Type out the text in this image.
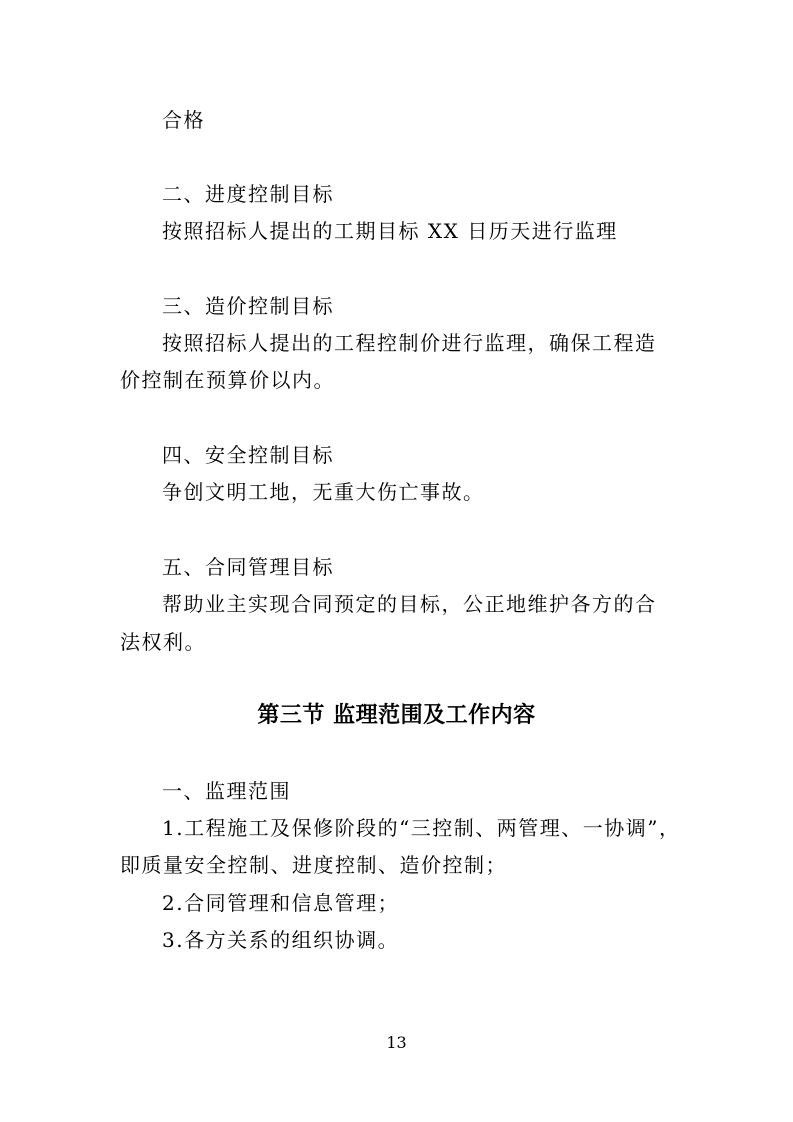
合格
二、进度控制目标
按照招标人提出的工期目标 XX 日历天进行监理
三、造价控制目标
按照招标人提出的工程控制价进行监理，确保工程造
价控制在预算价以内。
四、安全控制目标
争创文明工地，无重大伤亡事故。
五、合同管理目标
帮助业主实现合同预定的目标，公正地维护各方的合
法权利。
第三节 监理范围及工作内容
一、监理范围
1.工程施工及保修阶段的“三控制、两管理、一协调”，
即质量安全控制、进度控制、造价控制；
2.合同管理和信息管理；
3.各方关系的组织协调。
13
